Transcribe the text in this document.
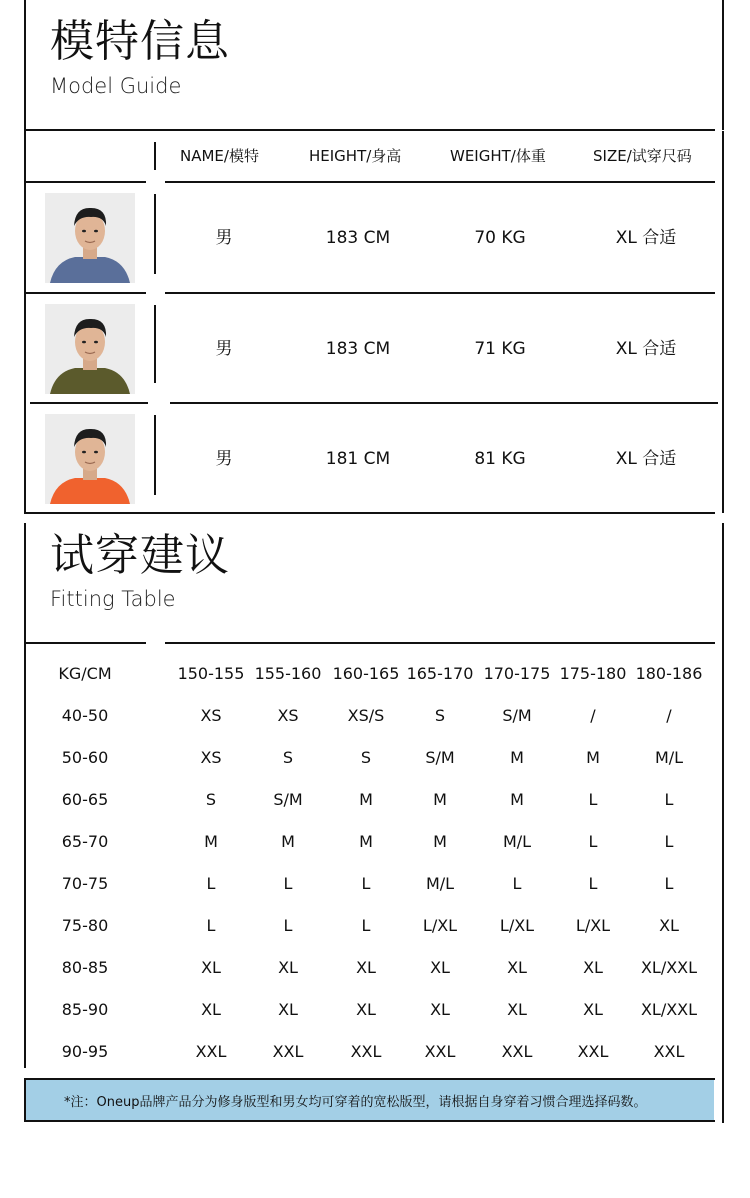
模特信息
Model Guide
NAME/模特	HEIGHT/身高	WEIGHT/体重	SIZE/试穿尺码
男	183 CM	70 KG	XL 合适
男	183 CM	71 KG	XL 合适
男	181 CM	81 KG	XL 合适
试穿建议
Fitting Table
KG/CM	150-155 155-160 160-165 165-170 170-175 175-180 180-186
40-50	XS	XS	XS/S	S	S/M	/	/
50-60	XS	S	S	S/M	M	M	M/L
60-65	S	S/M	M	M	M	L	L
65-70	M	M	M	M	M/L	L	L
70-75	L	L	L	M/L	L	L	L
75-80	L	L	L	L/XL	L/XL	L/XL	XL
80-85	XL	XL	XL	XL	XL	XL	XL/XXL
85-90	XL	XL	XL	XL	XL	XL	XL/XXL
90-95	XXL	XXL	XXL	XXL	XXL	XXL	XXL
*注：Oneup品牌产品分为修身版型和男女均可穿着的宽松版型，请根据自身穿着习惯合理选择码数。
